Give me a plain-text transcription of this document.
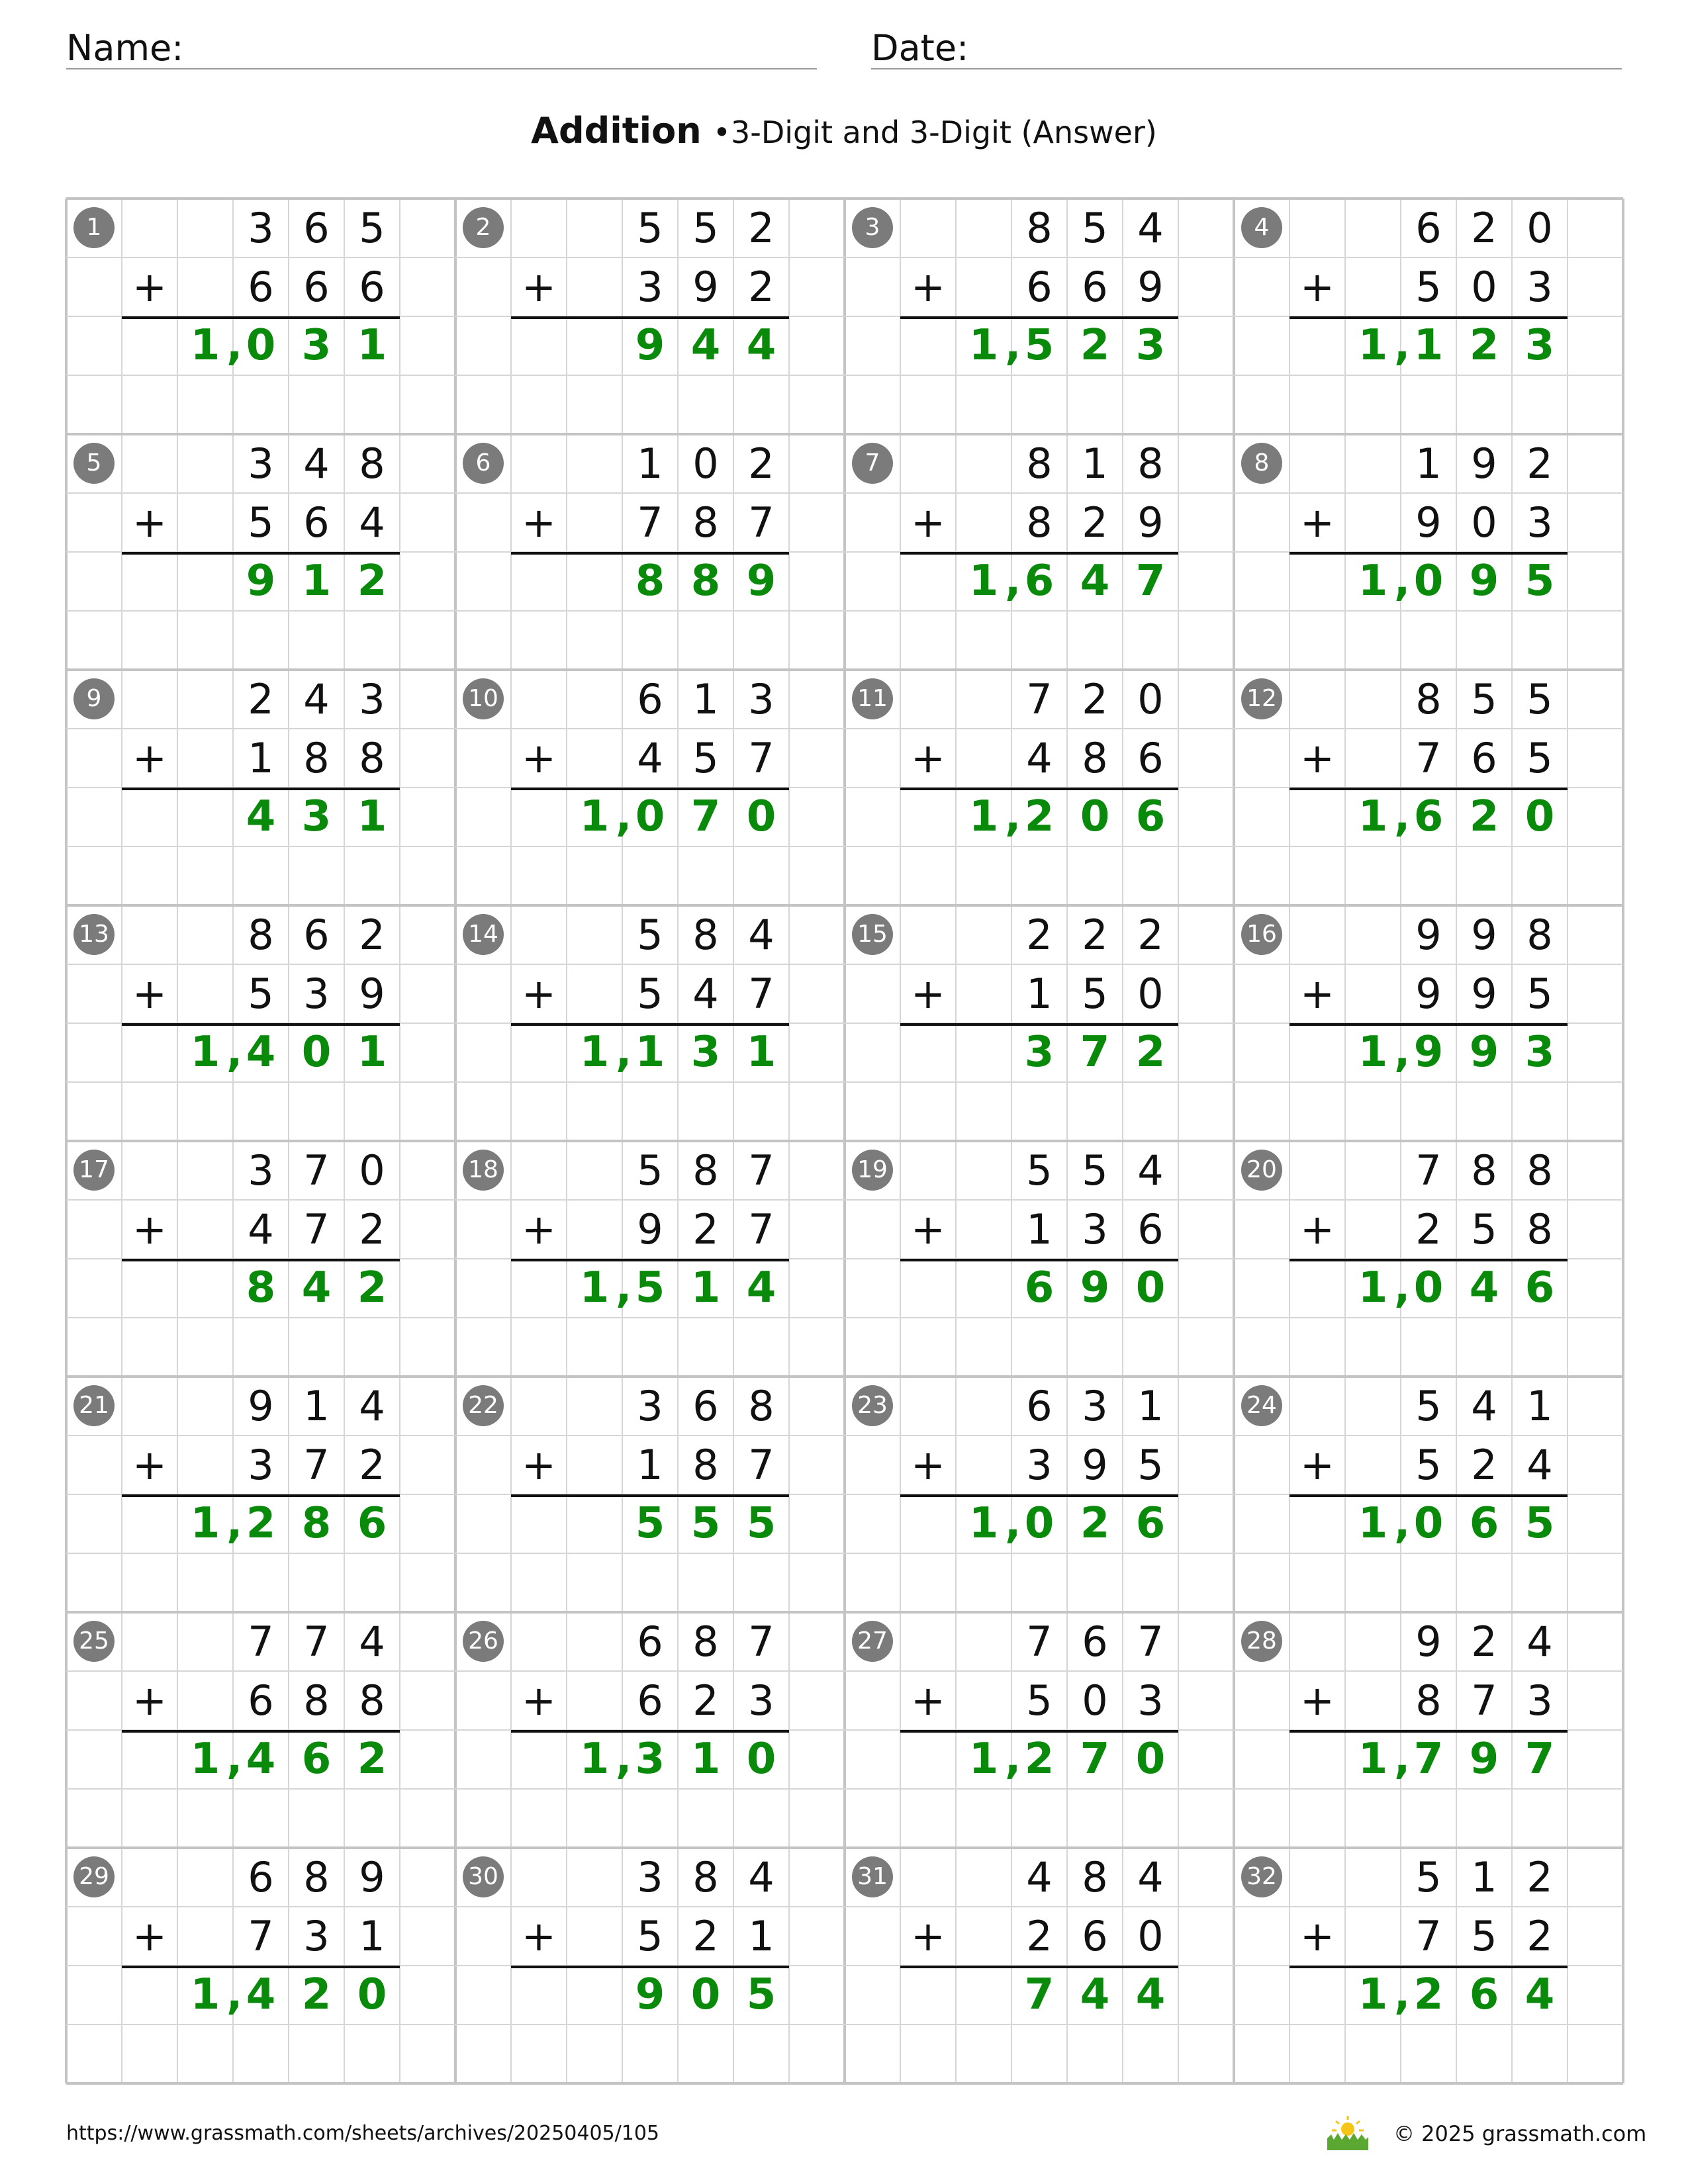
Name:	Date:
Addition •3-Digit and 3-Digit (Answer)
1	3 6 5
+	6 6 6
1 0 3 1
,
2	5 5 2
+	3 9 2
9 4 4
3	8 5 4
+	6 6 9
1 5 2 3
,
4	6 2 0
+	5 0 3
1 1 2 3
,
5	3 4 8
+	5 6 4
9 1 2
6	1 0 2
+	7 8 7
8 8 9
7	8 1 8
+	8 2 9
1 6 4 7
,
8	1 9 2
+	9 0 3
1 0 9 5
,
9	2 4 3
+	1 8 8
4 3 1
10	6 1 3
+	4 5 7
1 0 7 0
,
11	7 2 0
+	4 8 6
1 2 0 6
,
12	8 5 5
+	7 6 5
1 6 2 0
,
13	8 6 2
+	5 3 9
1 4 0 1
,
14	5 8 4
+	5 4 7
1 1 3 1
,
15	2 2 2
+	1 5 0
3 7 2
16	9 9 8
+	9 9 5
1 9 9 3
,
17	3 7 0
+	4 7 2
8 4 2
18	5 8 7
+	9 2 7
1 5 1 4
,
19	5 5 4
+	1 3 6
6 9 0
20	7 8 8
+	2 5 8
1 0 4 6
,
21	9 1 4
+	3 7 2
1 2 8 6
,
22	3 6 8
+	1 8 7
5 5 5
23	6 3 1
+	3 9 5
1 0 2 6
,
24	5 4 1
+	5 2 4
1 0 6 5
,
25	7 7 4
+	6 8 8
1 4 6 2
,
26	6 8 7
+	6 2 3
1 3 1 0
,
27	7 6 7
+	5 0 3
1 2 7 0
,
28	9 2 4
+	8 7 3
1 7 9 7
,
29	6 8 9
+	7 3 1
1 4 2 0
,
30	3 8 4
+	5 2 1
9 0 5
31	4 8 4
+	2 6 0
7 4 4
32	5 1 2
+	7 5 2
1 2 6 4
,
https://www.grassmath.com/sheets/archives/20250405/105	© 2025 grassmath.com
